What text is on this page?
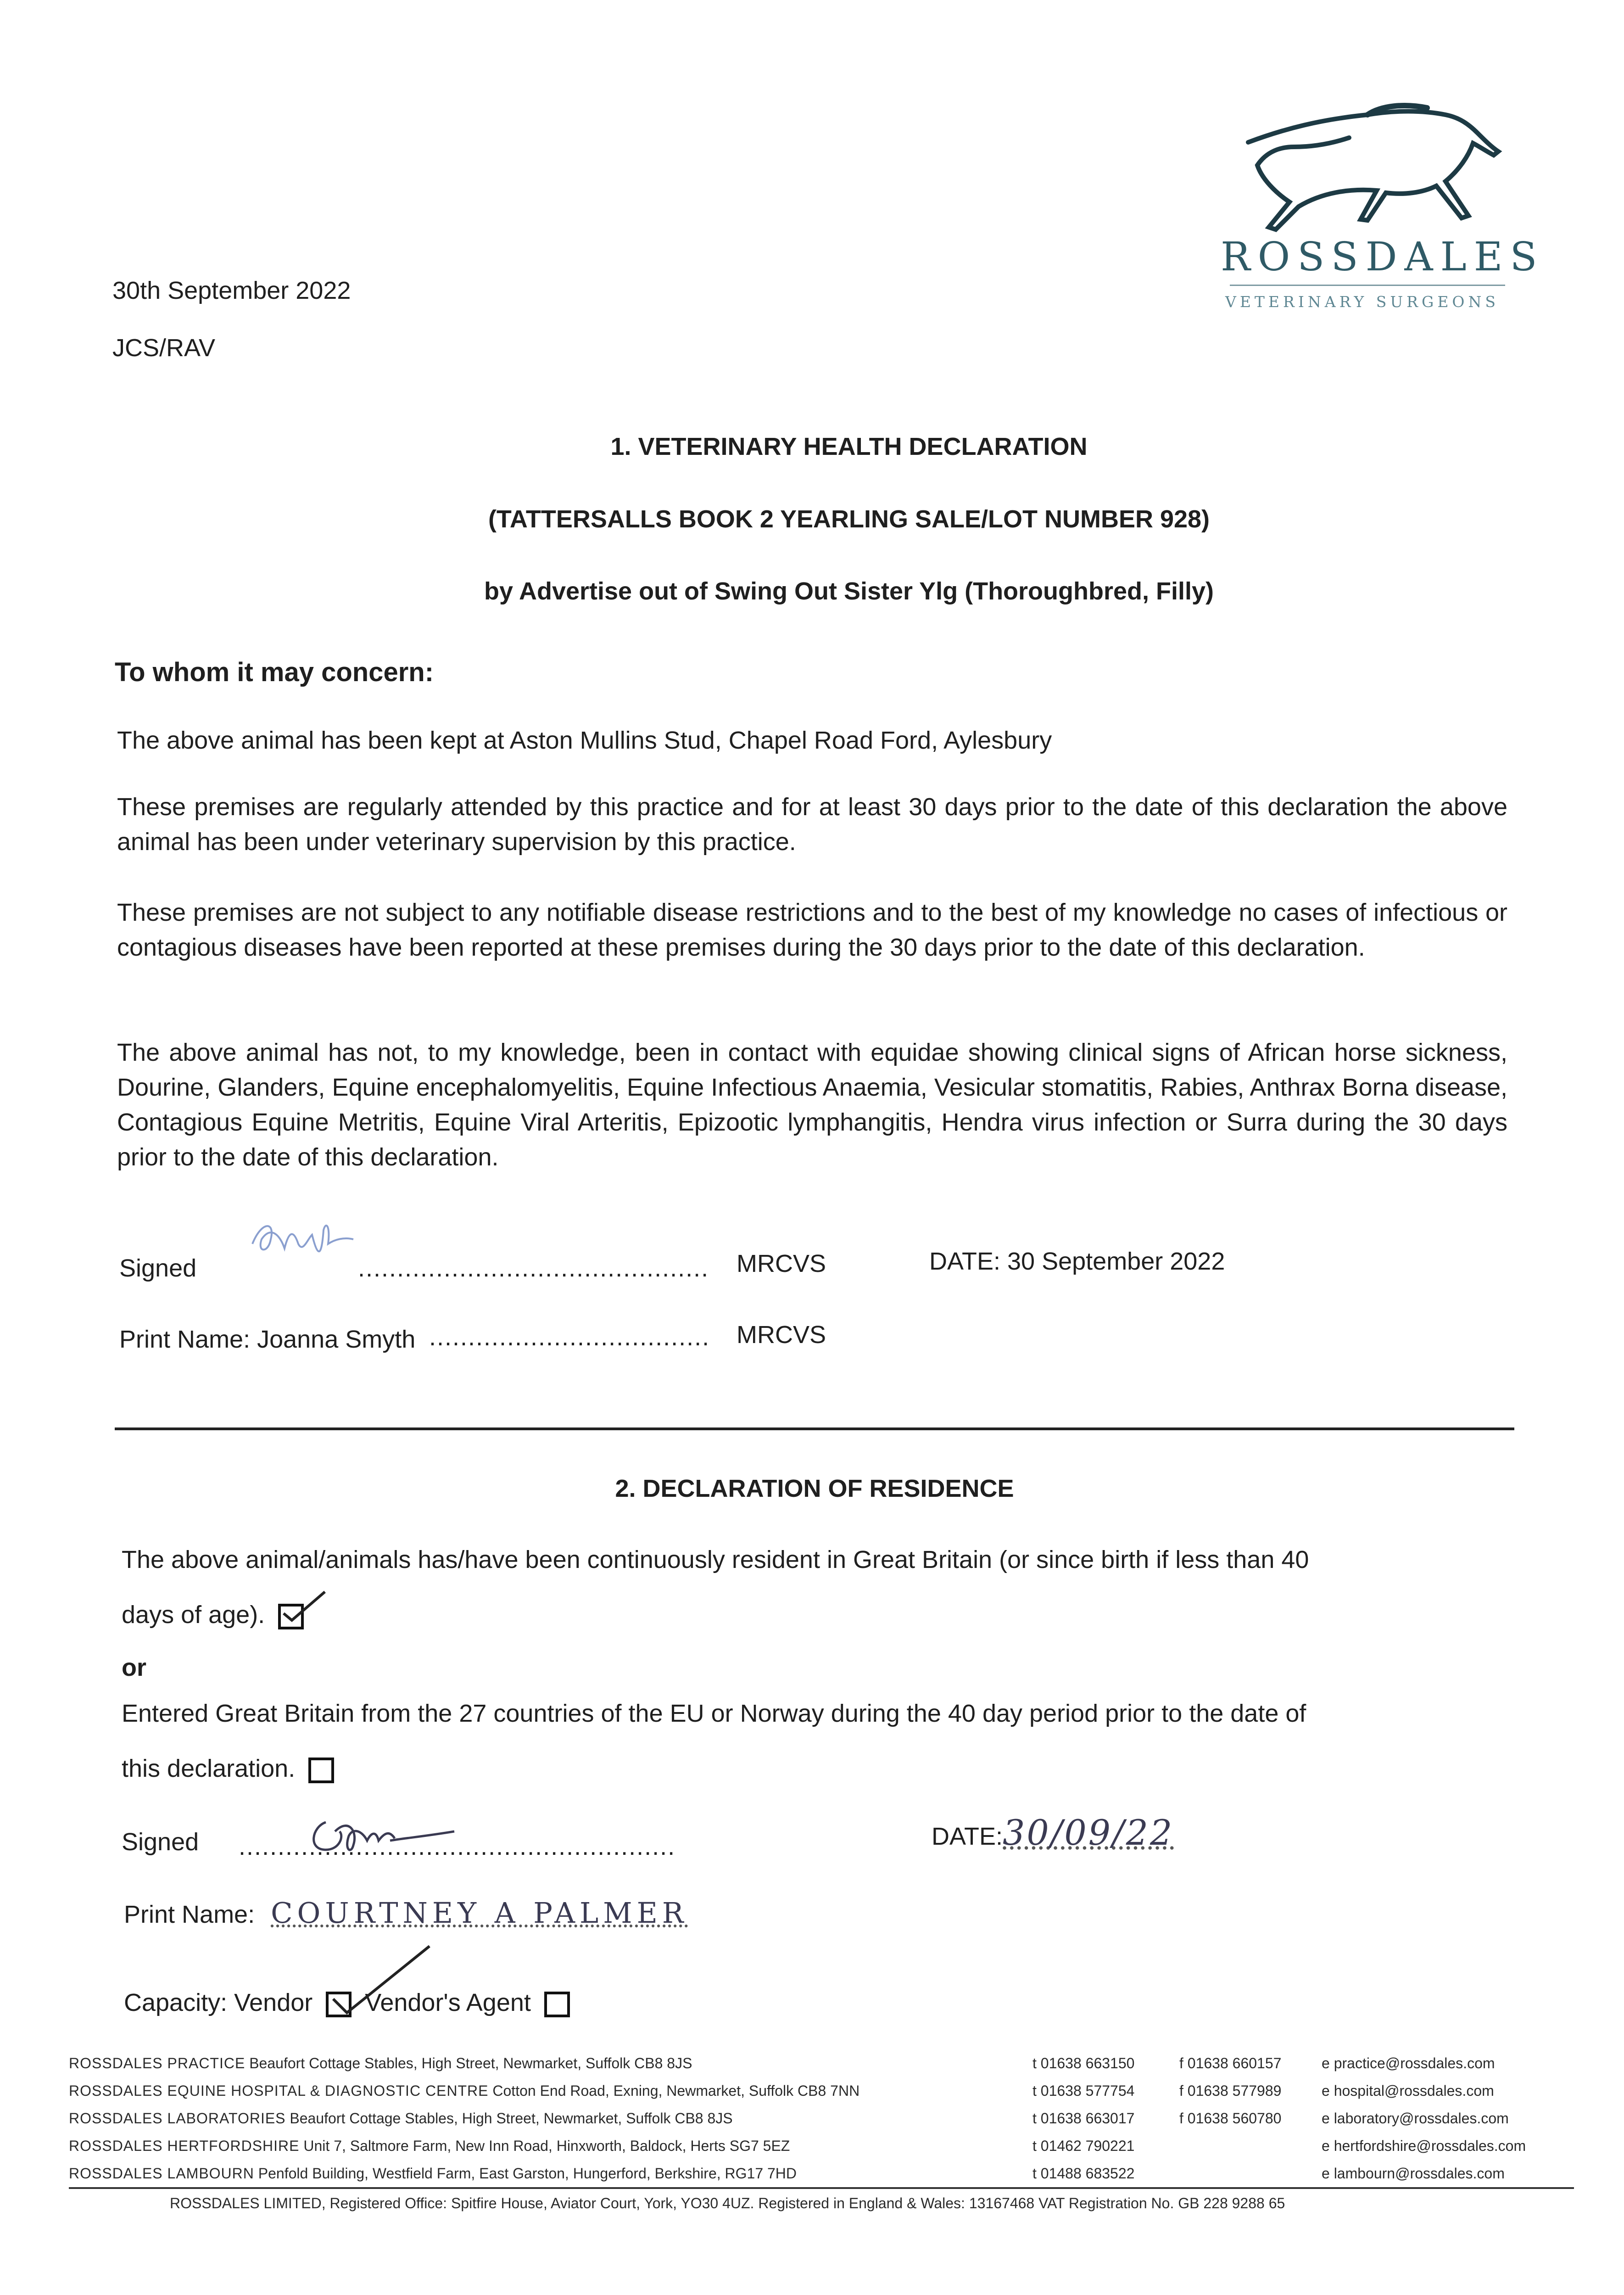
ROSSDALES
VETERINARY SURGEONS
30th September 2022
JCS/RAV
1. VETERINARY HEALTH DECLARATION
(TATTERSALLS BOOK 2 YEARLING SALE/LOT NUMBER 928)
by Advertise out of Swing Out Sister Ylg (Thoroughbred, Filly)
To whom it may concern:
The above animal has been kept at Aston Mullins Stud, Chapel Road Ford, Aylesbury
These premises are regularly attended by this practice and for at least 30 days prior to the date of this declaration the above animal has been under veterinary supervision by this practice.
These premises are not subject to any notifiable disease restrictions and to the best of my knowledge no cases of infectious or contagious diseases have been reported at these premises during the 30 days prior to the date of this declaration.
The above animal has not, to my knowledge, been in contact with equidae showing clinical signs of African horse sickness, Dourine, Glanders, Equine encephalomyelitis, Equine Infectious Anaemia, Vesicular stomatitis, Rabies, Anthrax Borna disease, Contagious Equine Metritis, Equine Viral Arteritis, Epizootic lymphangitis, Hendra virus infection or Surra during the 30 days prior to the date of this declaration.
Signed	............................................. MRCVS	DATE: 30 September 2022
Print Name: Joanna Smyth .................................... MRCVS
2. DECLARATION OF RESIDENCE
The above animal/animals has/have been continuously resident in Great Britain (or since birth if less than 40
days of age).
or
Entered Great Britain from the 27 countries of the EU or Norway during the 40 day period prior to the date of
this declaration.
Signed ........................................................	DATE:30/09/22
Print Name: COURTNEY A PALMER
Capacity: Vendor Vendor's Agent
ROSSDALES PRACTICE Beaufort Cottage Stables, High Street, Newmarket, Suffolk CB8 8JS	t 01638 663150	f 01638 660157	e practice@rossdales.com
ROSSDALES EQUINE HOSPITAL & DIAGNOSTIC CENTRE Cotton End Road, Exning, Newmarket, Suffolk CB8 7NN	t 01638 577754	f 01638 577989	e hospital@rossdales.com
ROSSDALES LABORATORIES Beaufort Cottage Stables, High Street, Newmarket, Suffolk CB8 8JS	t 01638 663017	f 01638 560780	e laboratory@rossdales.com
ROSSDALES HERTFORDSHIRE Unit 7, Saltmore Farm, New Inn Road, Hinxworth, Baldock, Herts SG7 5EZ	t 01462 790221	e hertfordshire@rossdales.com
ROSSDALES LAMBOURN Penfold Building, Westfield Farm, East Garston, Hungerford, Berkshire, RG17 7HD	t 01488 683522	e lambourn@rossdales.com
ROSSDALES LIMITED, Registered Office: Spitfire House, Aviator Court, York, YO30 4UZ. Registered in England & Wales: 13167468 VAT Registration No. GB 228 9288 65
